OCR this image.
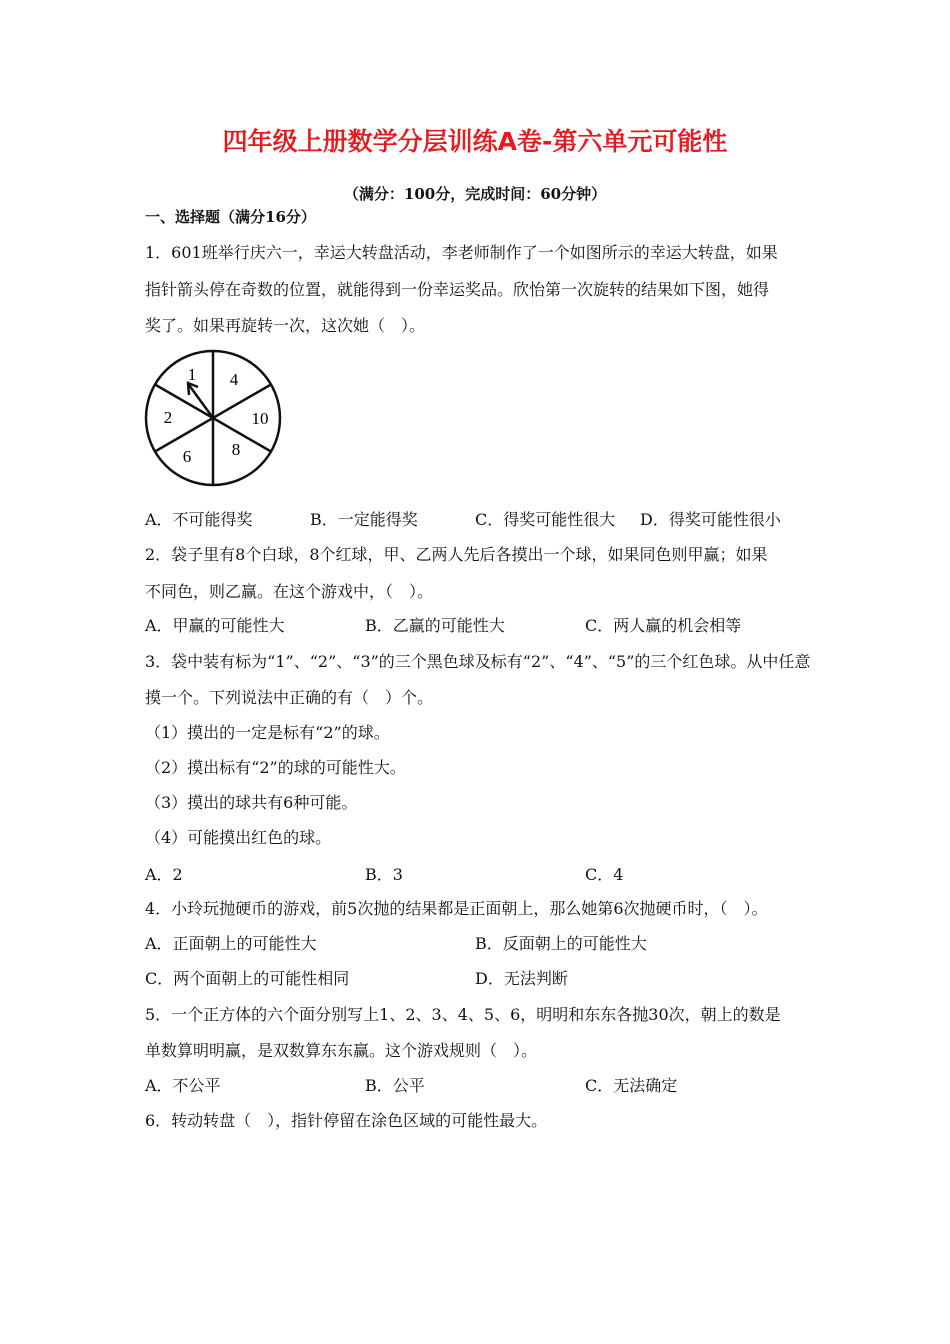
四年级上册数学分层训练A卷-第六单元可能性
（满分：100分，完成时间：60分钟）
一、选择题（满分16分）
1．601班举行庆六一，幸运大转盘活动，李老师制作了一个如图所示的幸运大转盘，如果
指针箭头停在奇数的位置，就能得到一份幸运奖品。欣怡第一次旋转的结果如下图，她得
奖了。如果再旋转一次，这次她（　）。
1 4
10
8
6
2
A．不可能得奖	B．一定能得奖	C．得奖可能性很大 D．得奖可能性很小
2．袋子里有8个白球，8个红球，甲、乙两人先后各摸出一个球，如果同色则甲赢；如果
不同色，则乙赢。在这个游戏中，（　）。
A．甲赢的可能性大	B．乙赢的可能性大	C．两人赢的机会相等
3．袋中装有标为“1”、“2”、“3”的三个黑色球及标有“2”、“4”、“5”的三个红色球。从中任意
摸一个。下列说法中正确的有（　）个。
（1）摸出的一定是标有“2”的球。
（2）摸出标有“2”的球的可能性大。
（3）摸出的球共有6种可能。
（4）可能摸出红色的球。
A．2	B．3	C．4
4．小玲玩抛硬币的游戏，前5次抛的结果都是正面朝上，那么她第6次抛硬币时，（　）。
A．正面朝上的可能性大	B．反面朝上的可能性大
C．两个面朝上的可能性相同	D．无法判断
5．一个正方体的六个面分别写上1、2、3、4、5、6，明明和东东各抛30次，朝上的数是
单数算明明赢，是双数算东东赢。这个游戏规则（　）。
A．不公平	B．公平	C．无法确定
6．转动转盘（　），指针停留在涂色区域的可能性最大。
